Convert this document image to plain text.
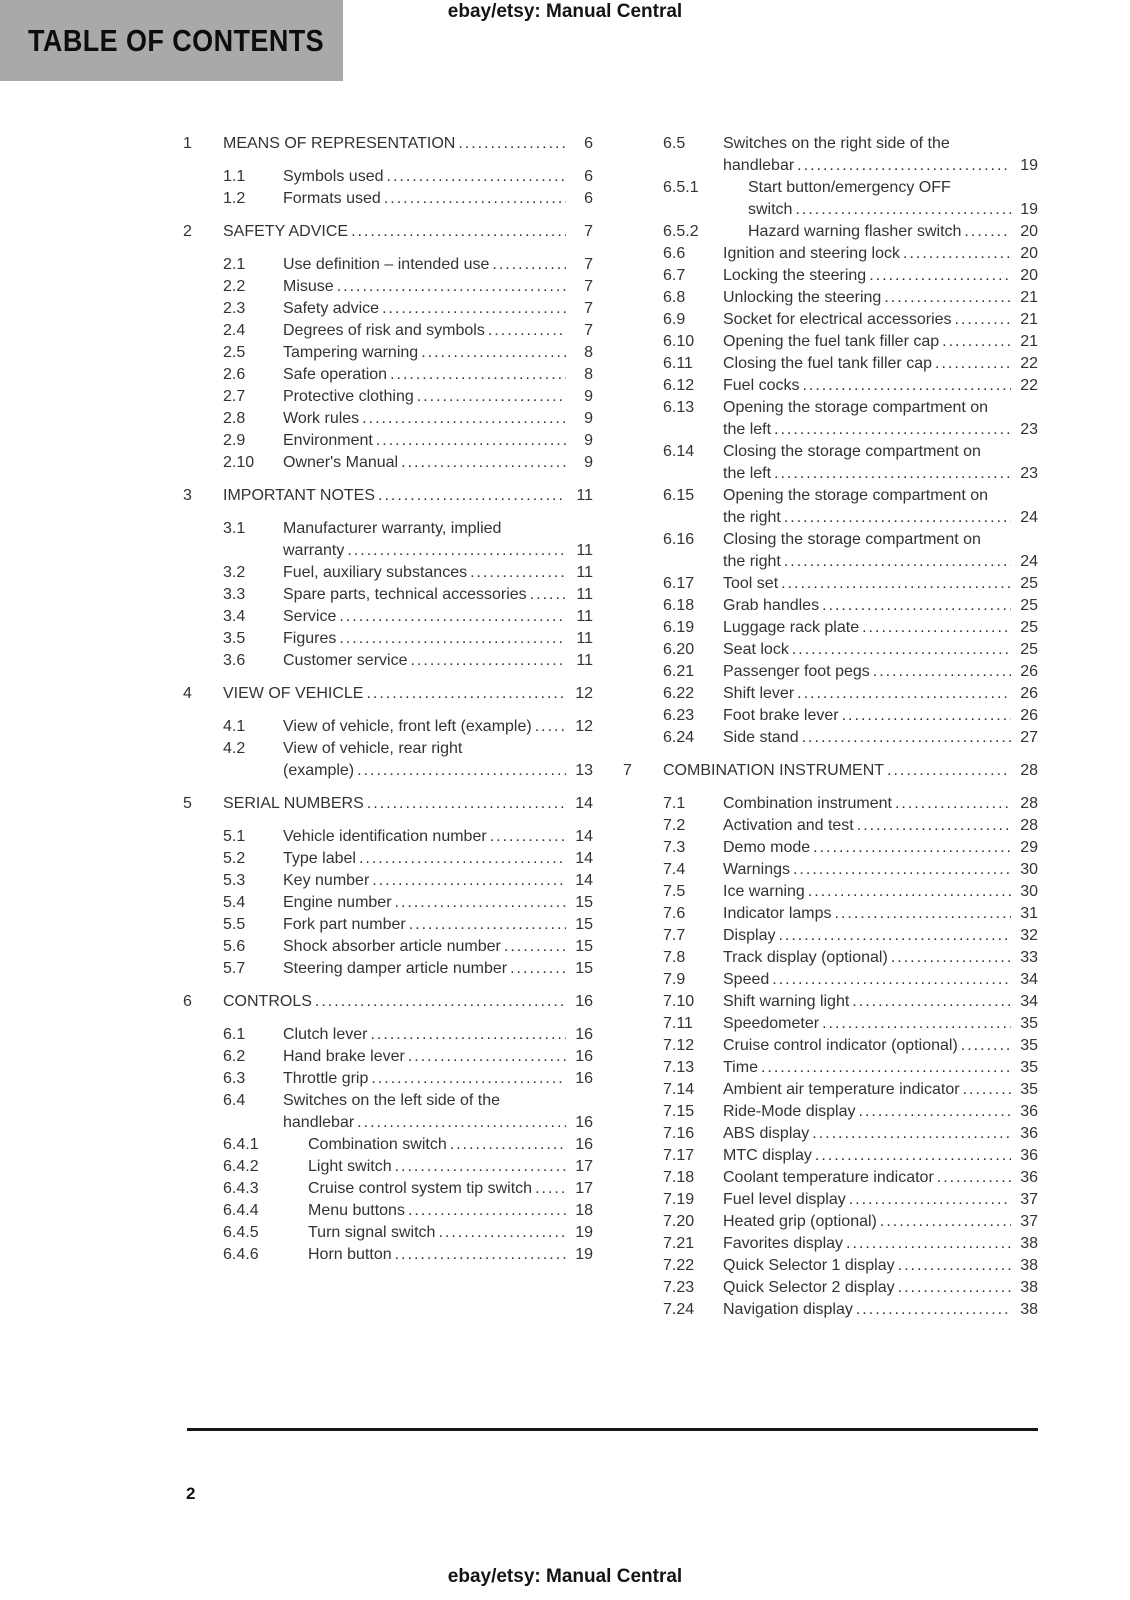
ebay/etsy: Manual Central
TABLE OF CONTENTS
1	MEANS OF REPRESENTATION .....	6
1.1	Symbols used .....	6
1.2	Formats used .....	6
2	SAFETY ADVICE .....	7
2.1	Use definition – intended use .....	7
2.2	Misuse .....	7
2.3	Safety advice .....	7
2.4	Degrees of risk and symbols .....	7
2.5	Tampering warning .....	8
2.6	Safe operation .....	8
2.7	Protective clothing .....	9
2.8	Work rules .....	9
2.9	Environment .....	9
2.10	Owner's Manual .....	9
3	IMPORTANT NOTES .....	11
3.1	Manufacturer warranty, implied
warranty .....	11
3.2	Fuel, auxiliary substances .....	11
3.3	Spare parts, technical accessories .....	11
3.4	Service .....	11
3.5	Figures .....	11
3.6	Customer service .....	11
4	VIEW OF VEHICLE .....	12
4.1	View of vehicle, front left (example) .....	12
4.2	View of vehicle, rear right
(example) .....	13
5	SERIAL NUMBERS .....	14
5.1	Vehicle identification number .....	14
5.2	Type label .....	14
5.3	Key number .....	14
5.4	Engine number .....	15
5.5	Fork part number .....	15
5.6	Shock absorber article number .....	15
5.7	Steering damper article number .....	15
6	CONTROLS .....	16
6.1	Clutch lever .....	16
6.2	Hand brake lever .....	16
6.3	Throttle grip .....	16
6.4	Switches on the left side of the
handlebar .....	16
6.4.1	Combination switch .....	16
6.4.2	Light switch .....	17
6.4.3	Cruise control system tip switch .....	17
6.4.4	Menu buttons .....	18
6.4.5	Turn signal switch .....	19
6.4.6	Horn button .....	19
6.5	Switches on the right side of the
handlebar .....	19
6.5.1	Start button/emergency OFF
switch .....	19
6.5.2	Hazard warning flasher switch .....	20
6.6	Ignition and steering lock .....	20
6.7	Locking the steering .....	20
6.8	Unlocking the steering .....	21
6.9	Socket for electrical accessories .....	21
6.10	Opening the fuel tank filler cap .....	21
6.11	Closing the fuel tank filler cap .....	22
6.12	Fuel cocks .....	22
6.13	Opening the storage compartment on
the left .....	23
6.14	Closing the storage compartment on
the left .....	23
6.15	Opening the storage compartment on
the right .....	24
6.16	Closing the storage compartment on
the right .....	24
6.17	Tool set .....	25
6.18	Grab handles .....	25
6.19	Luggage rack plate .....	25
6.20	Seat lock .....	25
6.21	Passenger foot pegs .....	26
6.22	Shift lever .....	26
6.23	Foot brake lever .....	26
6.24	Side stand .....	27
7	COMBINATION INSTRUMENT .....	28
7.1	Combination instrument .....	28
7.2	Activation and test .....	28
7.3	Demo mode .....	29
7.4	Warnings .....	30
7.5	Ice warning .....	30
7.6	Indicator lamps .....	31
7.7	Display .....	32
7.8	Track display (optional) .....	33
7.9	Speed .....	34
7.10	Shift warning light .....	34
7.11	Speedometer .....	35
7.12	Cruise control indicator (optional) .....	35
7.13	Time .....	35
7.14	Ambient air temperature indicator .....	35
7.15	Ride-Mode display .....	36
7.16	ABS display .....	36
7.17	MTC display .....	36
7.18	Coolant temperature indicator .....	36
7.19	Fuel level display .....	37
7.20	Heated grip (optional) .....	37
7.21	Favorites display .....	38
7.22	Quick Selector 1 display .....	38
7.23	Quick Selector 2 display .....	38
7.24	Navigation display .....	38
2
ebay/etsy: Manual Central
